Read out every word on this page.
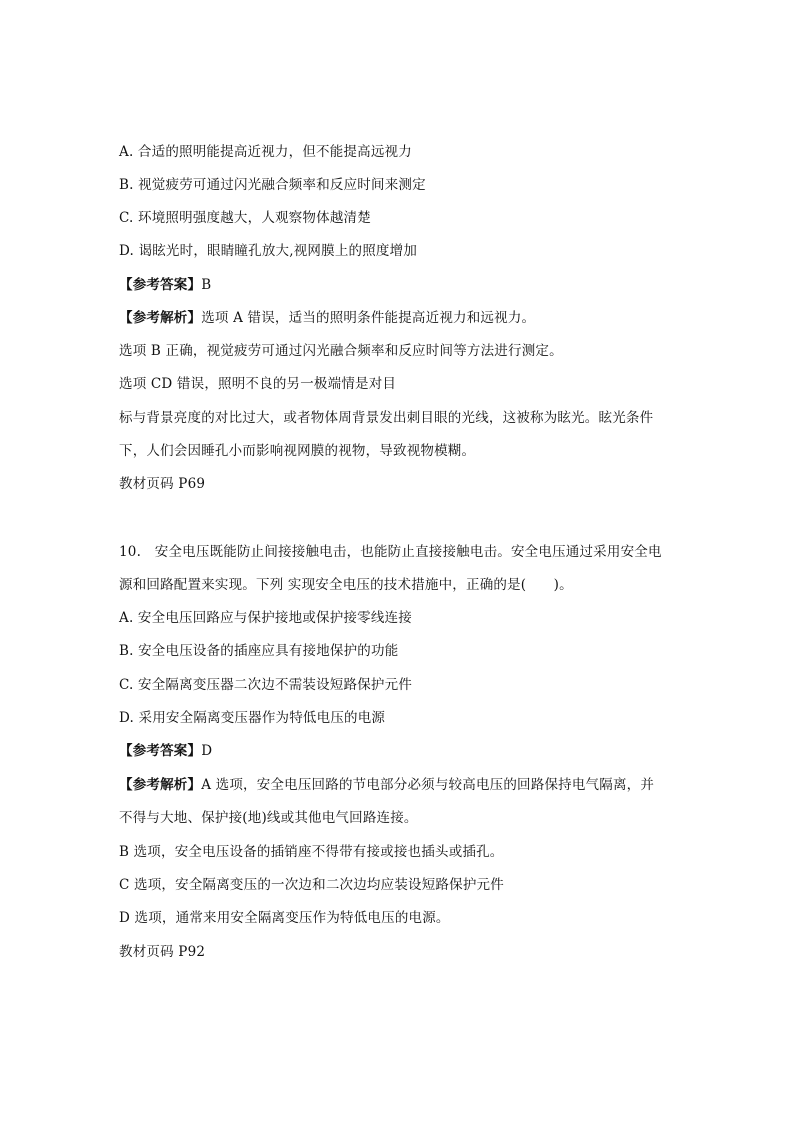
A. 合适的照明能提高近视力，但不能提高远视力
B. 视觉疲劳可通过闪光融合频率和反应时间来测定
C. 环境照明强度越大，人观察物体越清楚
D. 谒眩光时，眼睛瞳孔放大,视网膜上的照度增加
【参考答案】B
【参考解析】选项 A 错误，适当的照明条件能提高近视力和远视力。
选项 B 正确，视觉疲劳可通过闪光融合频率和反应时间等方法进行测定。
选项 CD 错误，照明不良的另一极端情是对目
标与背景亮度的对比过大，或者物体周背景发出刺目眼的光线，这被称为眩光。眩光条件
下，人们会因睡孔小而影响视网膜的视物，导致视物模糊。
教材页码 P69
10.　安全电压既能防止间接接触电击，也能防止直接接触电击。安全电压通过采用安全电
源和回路配置来实现。下列 实现安全电压的技术措施中，正确的是(　　)。
A. 安全电压回路应与保护接地或保护接零线连接
B. 安全电压设备的插座应具有接地保护的功能
C. 安全隔离变压器二次边不需装设短路保护元件
D. 采用安全隔离变压器作为特低电压的电源
【参考答案】D
【参考解析】A 选项，安全电压回路的节电部分必须与较高电压的回路保持电气隔离，并
不得与大地、保护接(地)线或其他电气回路连接。
B 选项，安全电压设备的插销座不得带有接或接也插头或插孔。
C 选项，安全隔离变压的一次边和二次边均应装设短路保护元件
D 选项，通常来用安全隔离变压作为特低电压的电源。
教材页码 P92
